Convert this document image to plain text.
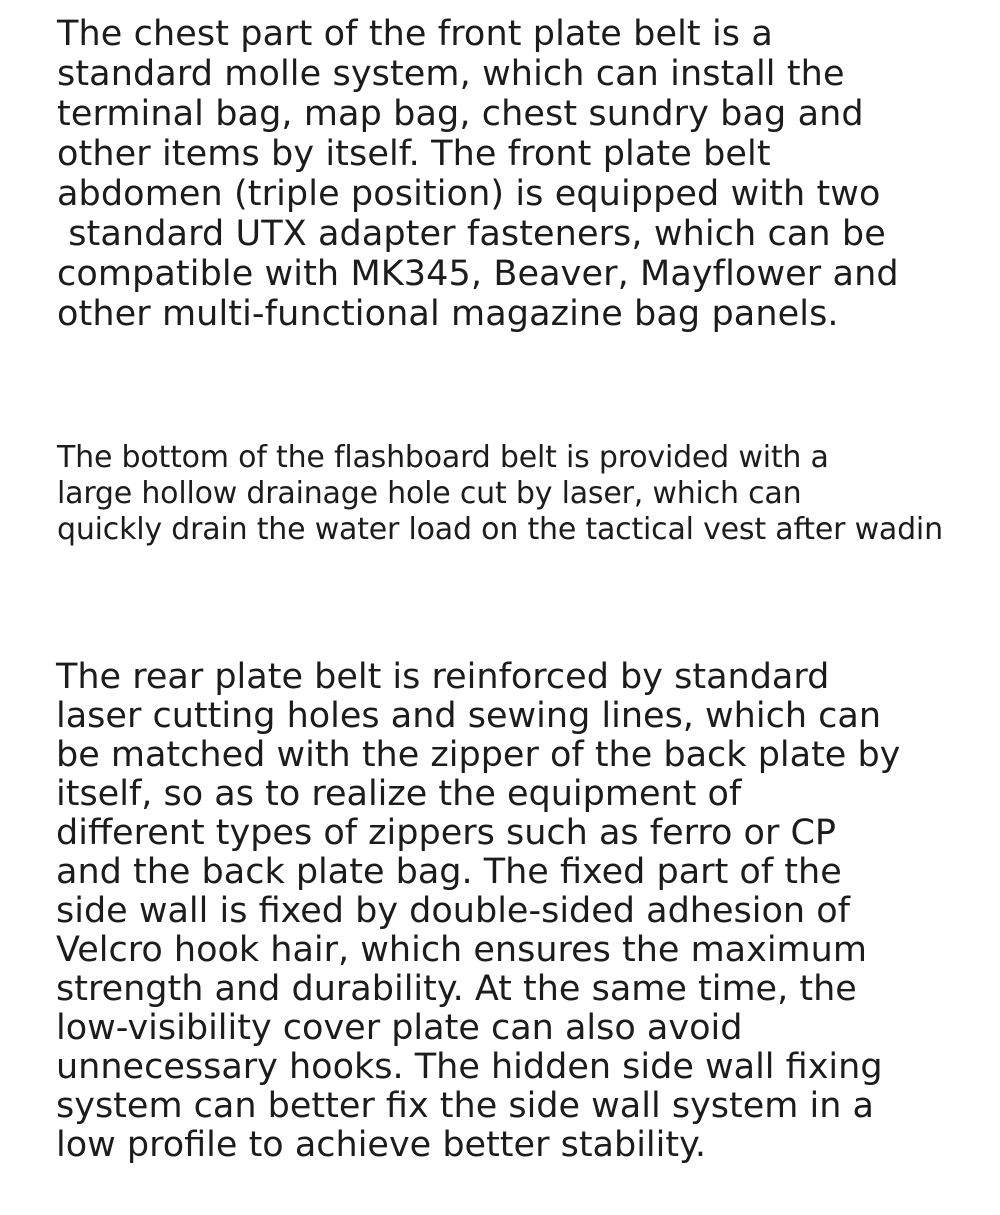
The chest part of the front plate belt is a
standard molle system, which can install the
terminal bag, map bag, chest sundry bag and
other items by itself. The front plate belt
abdomen (triple position) is equipped with two
standard UTX adapter fasteners, which can be
compatible with MK345, Beaver, Mayflower and
other multi-functional magazine bag panels.

The bottom of the flashboard belt is provided with a
large hollow drainage hole cut by laser, which can
quickly drain the water load on the tactical vest after wadin

The rear plate belt is reinforced by standard
laser cutting holes and sewing lines, which can
be matched with the zipper of the back plate by
itself, so as to realize the equipment of
different types of zippers such as ferro or CP
and the back plate bag. The fixed part of the
side wall is fixed by double-sided adhesion of
Velcro hook hair, which ensures the maximum
strength and durability. At the same time, the
low-visibility cover plate can also avoid
unnecessary hooks. The hidden side wall fixing
system can better fix the side wall system in a
low profile to achieve better stability.
